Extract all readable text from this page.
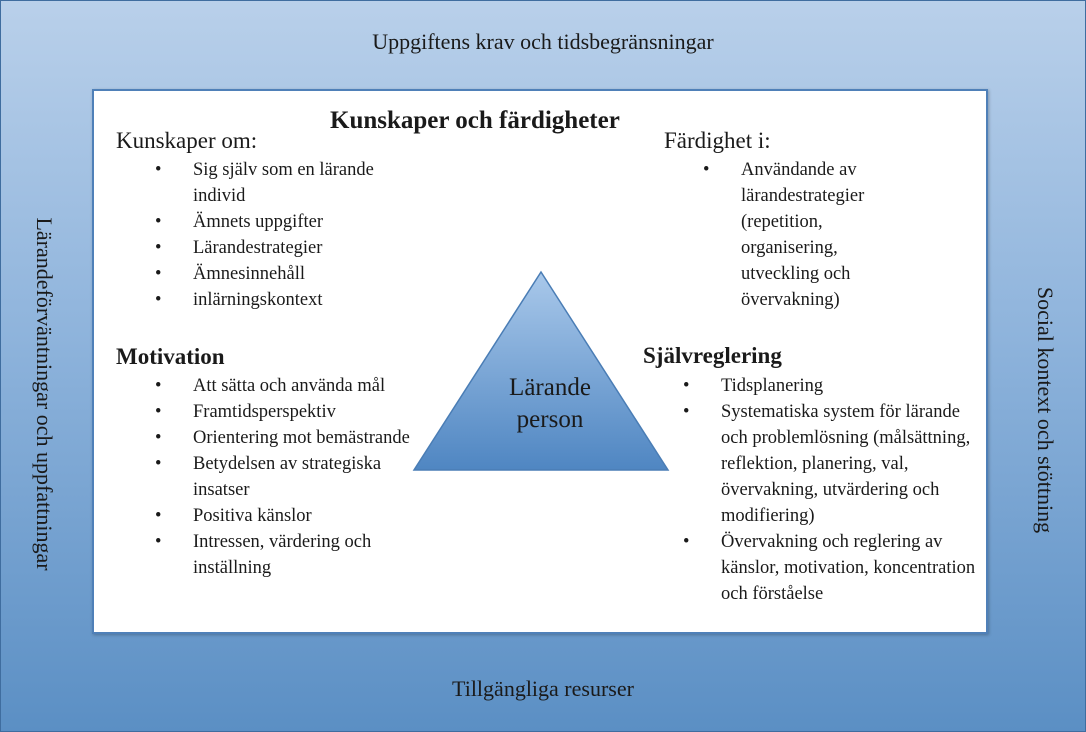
Uppgiftens krav och tidsbegränsningar
Tillgängliga resurser
Lärandeförväntningar och uppfattningar	Social kontext och stöttning
Kunskaper och färdigheter
Kunskaper om:
• Sig själv som en lärande individ
• Ämnets uppgifter
• Lärandestrategier
• Ämnesinnehåll
• inlärningskontext
Färdighet i:
• Användande av lärandestrategier (repetition, organisering, utveckling och övervakning)
Motivation
• Att sätta och använda mål
• Framtidsperspektiv
• Orientering mot bemästrande
• Betydelsen av strategiska insatser
• Positiva känslor
• Intressen, värdering och inställning
Självreglering
• Tidsplanering
• Systematiska system för lärande och problemlösning (målsättning, reflektion, planering, val, övervakning, utvärdering och modifiering)
• Övervakning och reglering av känslor, motivation, koncentration och förståelse
Lärande
person
